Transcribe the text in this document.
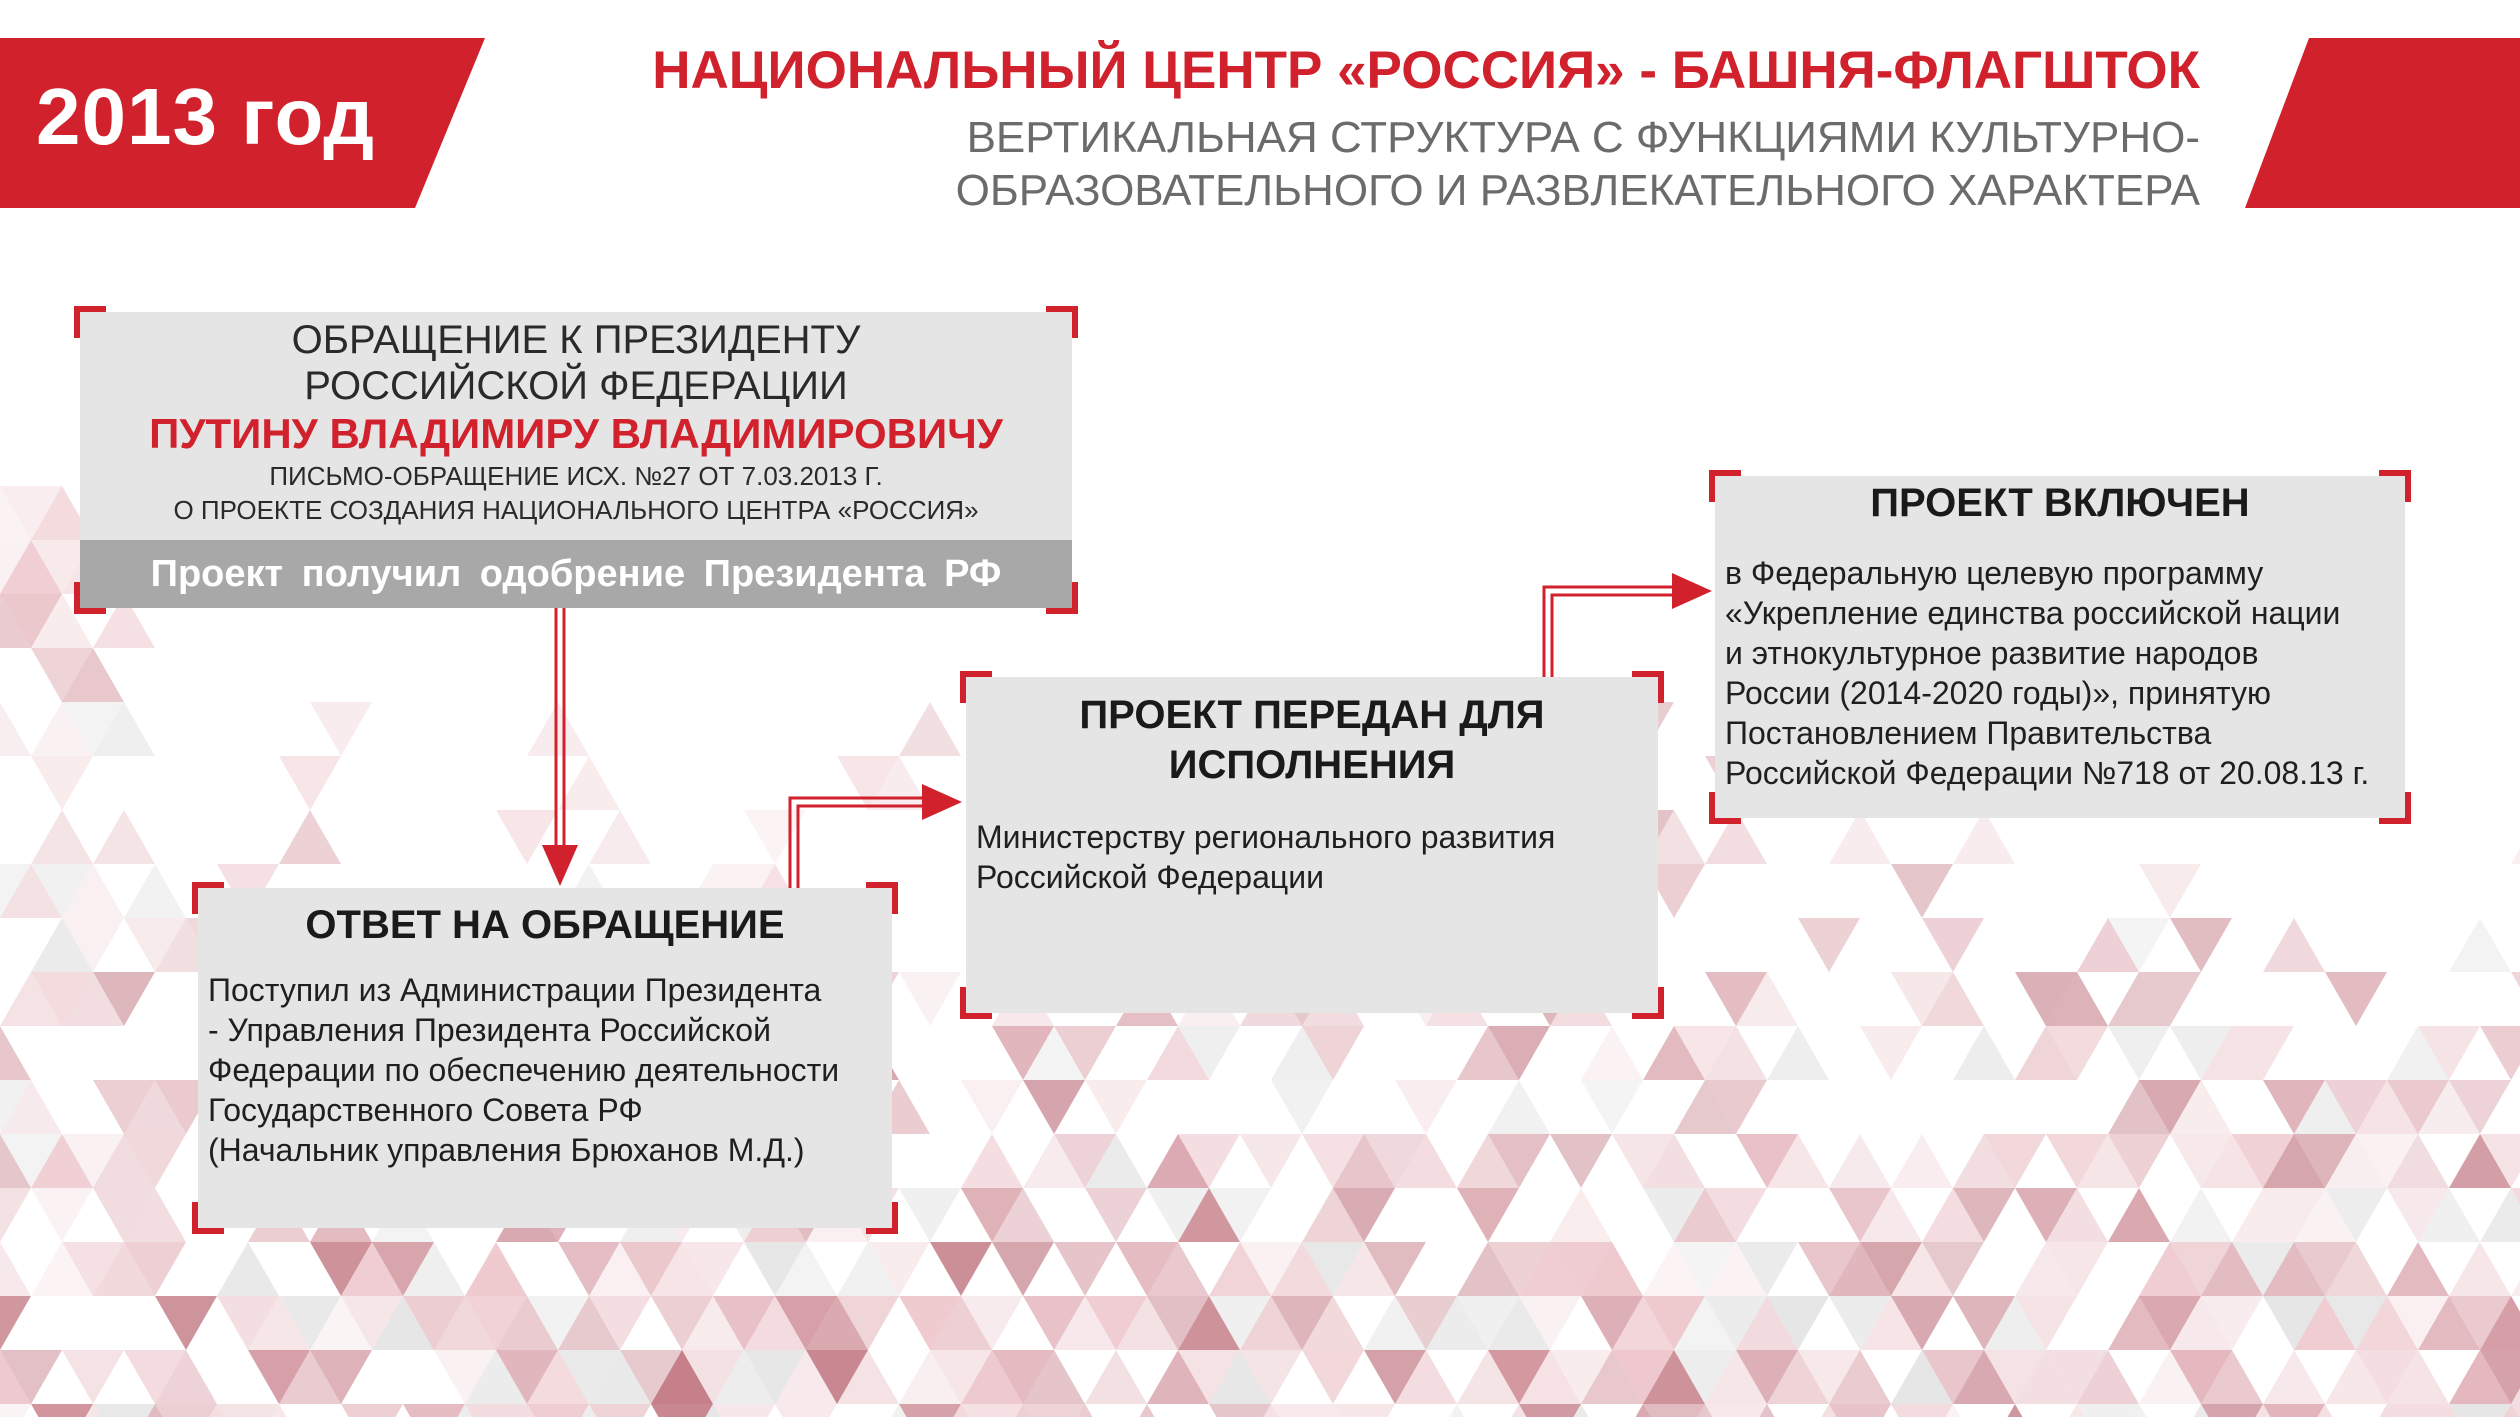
2013 год
НАЦИОНАЛЬНЫЙ ЦЕНТР «РОССИЯ» - БАШНЯ-ФЛАГШТОК
ВЕРТИКАЛЬНАЯ СТРУКТУРА С ФУНКЦИЯМИ КУЛЬТУРНО-
ОБРАЗОВАТЕЛЬНОГО И РАЗВЛЕКАТЕЛЬНОГО ХАРАКТЕРА
ОБРАЩЕНИЕ К ПРЕЗИДЕНТУ
РОССИЙСКОЙ ФЕДЕРАЦИИ
ПУТИНУ ВЛАДИМИРУ ВЛАДИМИРОВИЧУ
ПИСЬМО-ОБРАЩЕНИЕ ИСХ. №27 ОТ 7.03.2013 Г.
О ПРОЕКТЕ СОЗДАНИЯ НАЦИОНАЛЬНОГО ЦЕНТРА «РОССИЯ»
Проект получил одобрение Президента РФ
ОТВЕТ НА ОБРАЩЕНИЕ
Поступил из Администрации Президента
- Управления Президента Российской
Федерации по обеспечению деятельности
Государственного Совета РФ
(Начальник управления Брюханов М.Д.)
ПРОЕКТ ПЕРЕДАН ДЛЯ
ИСПОЛНЕНИЯ
Министерству регионального развития
Российской Федерации
ПРОЕКТ ВКЛЮЧЕН
в Федеральную целевую программу
«Укрепление единства российской нации
и этнокультурное развитие народов
России (2014-2020 годы)», принятую
Постановлением Правительства
Российской Федерации №718 от 20.08.13 г.
